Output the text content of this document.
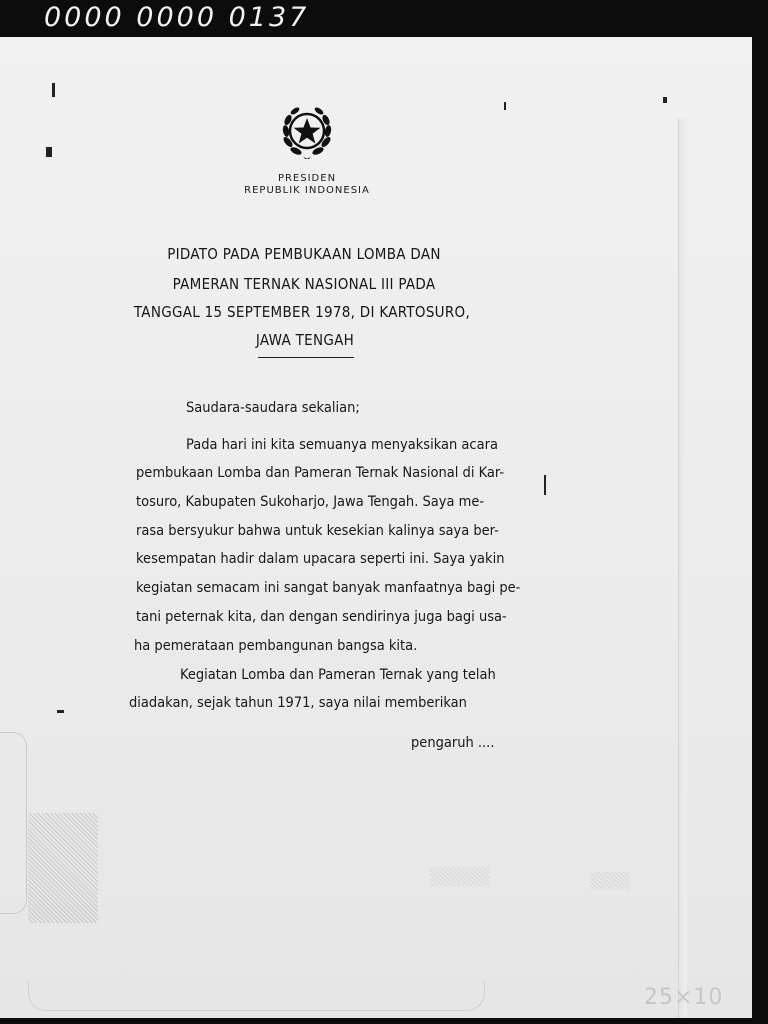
0000 0000 0137
PRESIDEN
REPUBLIK INDONESIA
PIDATO PADA PEMBUKAAN LOMBA DAN
PAMERAN TERNAK NASIONAL III PADA
TANGGAL 15 SEPTEMBER 1978, DI KARTOSURO,
JAWA TENGAH
Saudara-saudara sekalian;
Pada hari ini kita semuanya menyaksikan acara
pembukaan Lomba dan Pameran Ternak Nasional di Kar-
tosuro, Kabupaten Sukoharjo, Jawa Tengah. Saya me-
rasa bersyukur bahwa untuk kesekian kalinya saya ber-
kesempatan hadir dalam upacara seperti ini. Saya yakin
kegiatan semacam ini sangat banyak manfaatnya bagi pe-
tani peternak kita, dan dengan sendirinya juga bagi usa-
ha pemerataan pembangunan bangsa kita.
Kegiatan Lomba dan Pameran Ternak yang telah
diadakan, sejak tahun 1971, saya nilai memberikan
pengaruh ....
25×10
